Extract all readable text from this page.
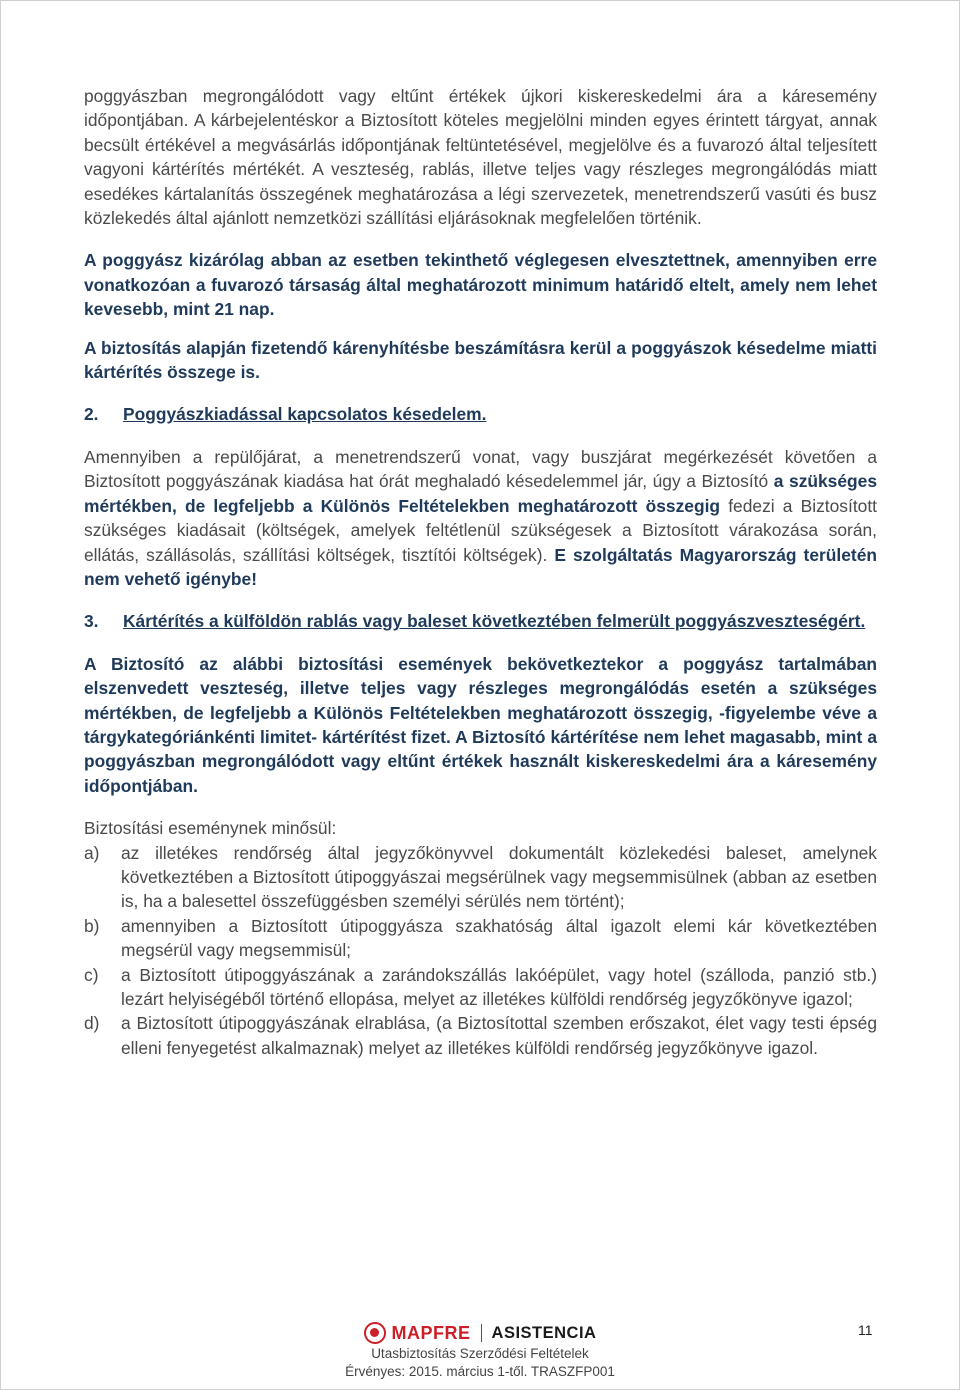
poggyászban megrongálódott vagy eltűnt értékek újkori kiskereskedelmi ára a káresemény időpontjában. A kárbejelentéskor a Biztosított köteles megjelölni minden egyes érintett tárgyat, annak becsült értékével a megvásárlás időpontjának feltüntetésével, megjelölve és a fuvarozó által teljesített vagyoni kártérítés mértékét. A veszteség, rablás, illetve teljes vagy részleges megrongálódás miatt esedékes kártalanítás összegének meghatározása a légi szervezetek, menetrendszerű vasúti és busz közlekedés által ajánlott nemzetközi szállítási eljárásoknak megfelelően történik.

A poggyász kizárólag abban az esetben tekinthető véglegesen elvesztettnek, amennyiben erre vonatkozóan a fuvarozó társaság által meghatározott minimum határidő eltelt, amely nem lehet kevesebb, mint 21 nap.

A biztosítás alapján fizetendő kárenyhítésbe beszámításra kerül a poggyászok késedelme miatti kártérítés összege is.

2.	Poggyászkiadással kapcsolatos késedelem.

Amennyiben a repülőjárat, a menetrendszerű vonat, vagy buszjárat megérkezését követően a Biztosított poggyászának kiadása hat órát meghaladó késedelemmel jár, úgy a Biztosító a szükséges mértékben, de legfeljebb a Különös Feltételekben meghatározott összegig fedezi a Biztosított szükséges kiadásait (költségek, amelyek feltétlenül szükségesek a Biztosított várakozása során, ellátás, szállásolás, szállítási költségek, tisztítói költségek). E szolgáltatás Magyarország területén nem vehető igénybe!

3.	Kártérítés a külföldön rablás vagy baleset következtében felmerült poggyászveszteségért.

A Biztosító az alábbi biztosítási események bekövetkeztekor a poggyász tartalmában elszenvedett veszteség, illetve teljes vagy részleges megrongálódás esetén a szükséges mértékben, de legfeljebb a Különös Feltételekben meghatározott összegig, -figyelembe véve a tárgykategóriánkénti limitet- kártérítést fizet. A Biztosító kártérítése nem lehet magasabb, mint a poggyászban megrongálódott vagy eltűnt értékek használt kiskereskedelmi ára a káresemény időpontjában.

Biztosítási eseménynek minősül:

a)	az illetékes rendőrség által jegyzőkönyvvel dokumentált közlekedési baleset, amelynek következtében a Biztosított útipoggyászai megsérülnek vagy megsemmisülnek (abban az esetben is, ha a balesettel összefüggésben személyi sérülés nem történt);
b)	amennyiben a Biztosított útipoggyásza szakhatóság által igazolt elemi kár következtében megsérül vagy megsemmisül;
c)	a Biztosított útipoggyászának a zarándokszállás lakóépület, vagy hotel (szálloda, panzió stb.) lezárt helyiségéből történő ellopása, melyet az illetékes külföldi rendőrség jegyzőkönyve igazol;
d)	a Biztosított útipoggyászának elrablása, (a Biztosítottal szemben erőszakot, élet vagy testi épség elleni fenyegetést alkalmaznak) melyet az illetékes külföldi rendőrség jegyzőkönyve igazol.
MAPFRE ASISTENCIA
Utasbiztosítás Szerződési Feltételek
Érvényes: 2015. március 1-től. TRASZFP001
11
